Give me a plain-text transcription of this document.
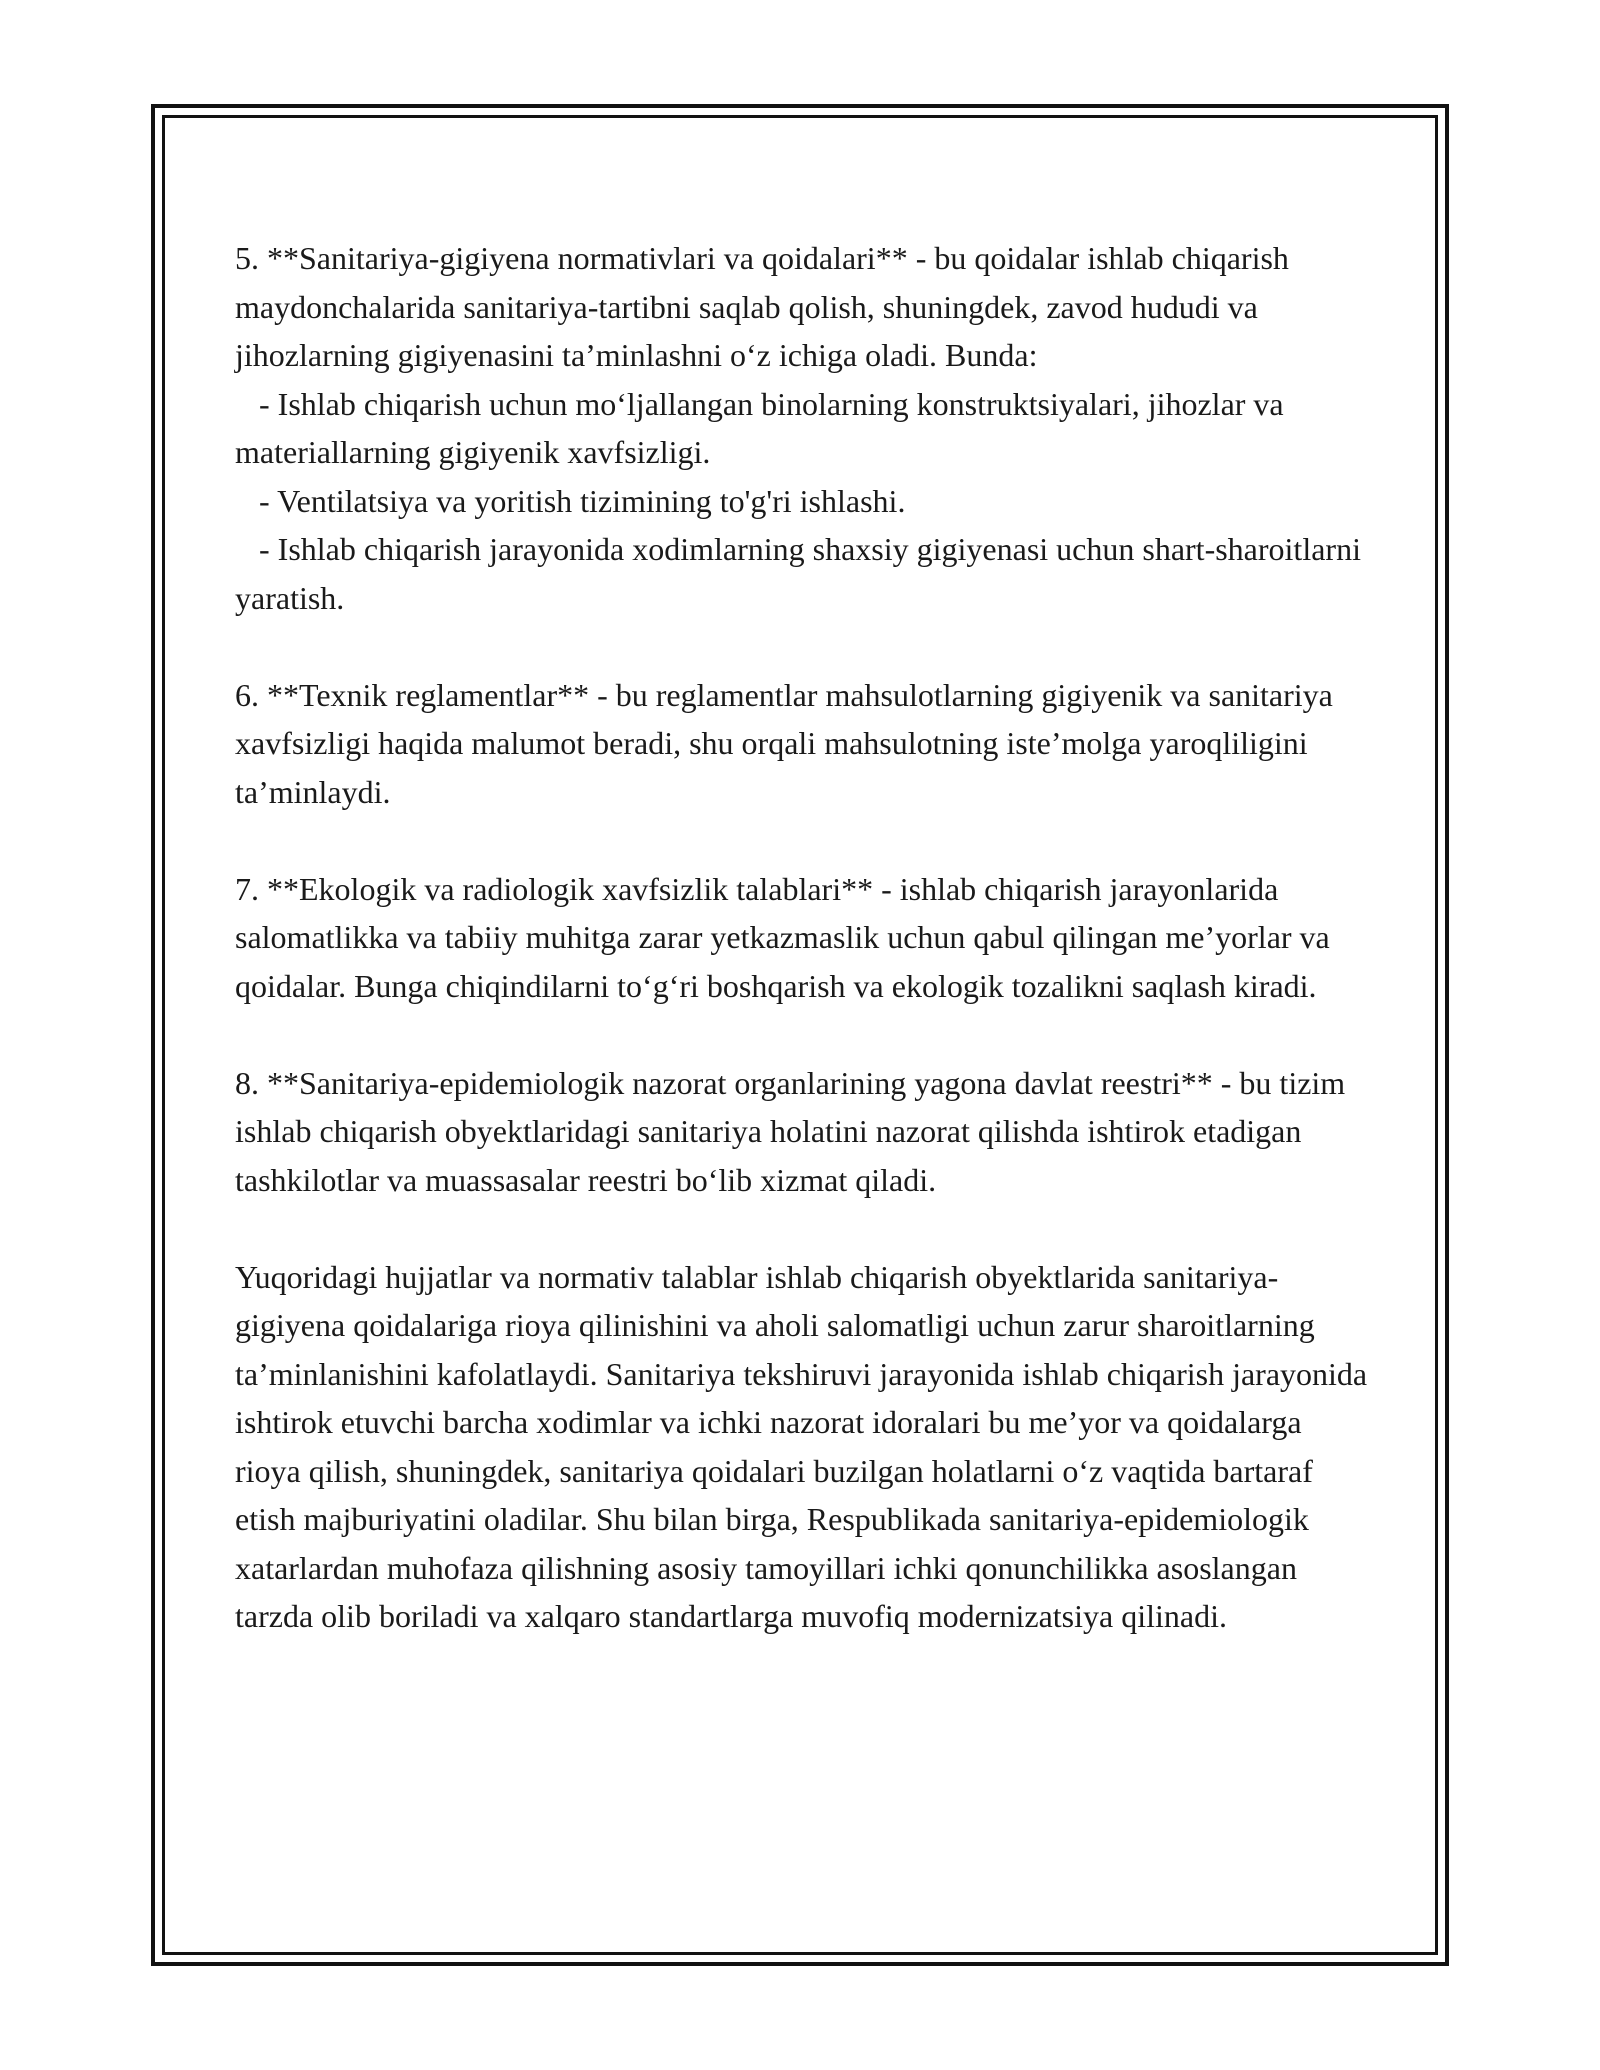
5. **Sanitariya-gigiyena normativlari va qoidalari** - bu qoidalar ishlab chiqarish maydonchalarida sanitariya-tartibni saqlab qolish, shuningdek, zavod hududi va jihozlarning gigiyenasini ta’minlashni o‘z ichiga oladi. Bunda:
- Ishlab chiqarish uchun mo‘ljallangan binolarning konstruktsiyalari, jihozlar va materiallarning gigiyenik xavfsizligi.
- Ventilatsiya va yoritish tizimining to'g'ri ishlashi.
- Ishlab chiqarish jarayonida xodimlarning shaxsiy gigiyenasi uchun shart-sharoitlarni yaratish.

6. **Texnik reglamentlar** - bu reglamentlar mahsulotlarning gigiyenik va sanitariya xavfsizligi haqida malumot beradi, shu orqali mahsulotning iste’molga yaroqliligini ta’minlaydi.

7. **Ekologik va radiologik xavfsizlik talablari** - ishlab chiqarish jarayonlarida salomatlikka va tabiiy muhitga zarar yetkazmaslik uchun qabul qilingan me’yorlar va qoidalar. Bunga chiqindilarni to‘g‘ri boshqarish va ekologik tozalikni saqlash kiradi.

8. **Sanitariya-epidemiologik nazorat organlarining yagona davlat reestri** - bu tizim ishlab chiqarish obyektlaridagi sanitariya holatini nazorat qilishda ishtirok etadigan tashkilotlar va muassasalar reestri bo‘lib xizmat qiladi.

Yuqoridagi hujjatlar va normativ talablar ishlab chiqarish obyektlarida sanitariya-gigiyena qoidalariga rioya qilinishini va aholi salomatligi uchun zarur sharoitlarning ta’minlanishini kafolatlaydi. Sanitariya tekshiruvi jarayonida ishlab chiqarish jarayonida ishtirok etuvchi barcha xodimlar va ichki nazorat idoralari bu me’yor va qoidalarga rioya qilish, shuningdek, sanitariya qoidalari buzilgan holatlarni o‘z vaqtida bartaraf etish majburiyatini oladilar. Shu bilan birga, Respublikada sanitariya-epidemiologik xatarlardan muhofaza qilishning asosiy tamoyillari ichki qonunchilikka asoslangan tarzda olib boriladi va xalqaro standartlarga muvofiq modernizatsiya qilinadi.
